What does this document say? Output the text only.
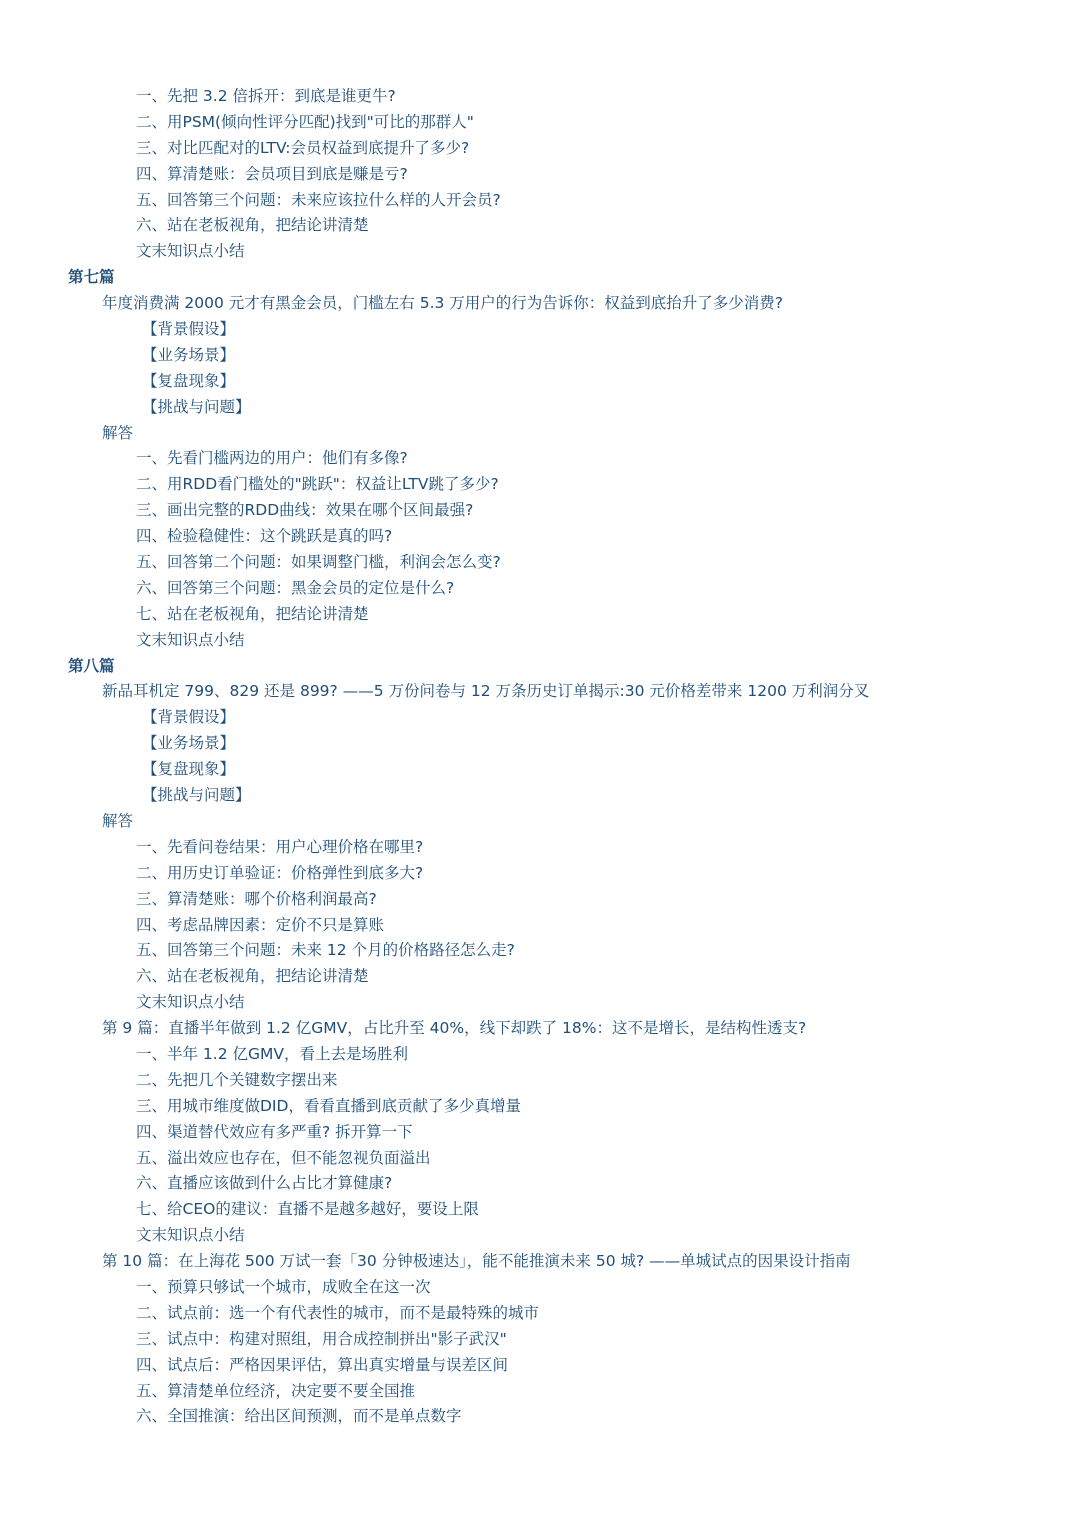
一、先把 3.2 倍拆开：到底是谁更牛?
二、用PSM(倾向性评分匹配)找到"可比的那群人"
三、对比匹配对的LTV:会员权益到底提升了多少?
四、算清楚账：会员项目到底是赚是亏?
五、回答第三个问题：未来应该拉什么样的人开会员?
六、站在老板视角，把结论讲清楚
文末知识点小结
第七篇
年度消费满 2000 元才有黑金会员，门槛左右 5.3 万用户的行为告诉你：权益到底抬升了多少消费?
【背景假设】
【业务场景】
【复盘现象】
【挑战与问题】
解答
一、先看门槛两边的用户：他们有多像?
二、用RDD看门槛处的"跳跃"：权益让LTV跳了多少?
三、画出完整的RDD曲线：效果在哪个区间最强?
四、检验稳健性：这个跳跃是真的吗?
五、回答第二个问题：如果调整门槛，利润会怎么变?
六、回答第三个问题：黑金会员的定位是什么?
七、站在老板视角，把结论讲清楚
文末知识点小结
第八篇
新品耳机定 799、829 还是 899? ——5 万份问卷与 12 万条历史订单揭示:30 元价格差带来 1200 万利润分叉
【背景假设】
【业务场景】
【复盘现象】
【挑战与问题】
解答
一、先看问卷结果：用户心理价格在哪里?
二、用历史订单验证：价格弹性到底多大?
三、算清楚账：哪个价格利润最高?
四、考虑品牌因素：定价不只是算账
五、回答第三个问题：未来 12 个月的价格路径怎么走?
六、站在老板视角，把结论讲清楚
文末知识点小结
第 9 篇：直播半年做到 1.2 亿GMV，占比升至 40%，线下却跌了 18%：这不是增长，是结构性透支?
一、半年 1.2 亿GMV，看上去是场胜利
二、先把几个关键数字摆出来
三、用城市维度做DID，看看直播到底贡献了多少真增量
四、渠道替代效应有多严重? 拆开算一下
五、溢出效应也存在，但不能忽视负面溢出
六、直播应该做到什么占比才算健康?
七、给CEO的建议：直播不是越多越好，要设上限
文末知识点小结
第 10 篇：在上海花 500 万试一套「30 分钟极速达」，能不能推演未来 50 城? ——单城试点的因果设计指南
一、预算只够试一个城市，成败全在这一次
二、试点前：选一个有代表性的城市，而不是最特殊的城市
三、试点中：构建对照组，用合成控制拼出"影子武汉"
四、试点后：严格因果评估，算出真实增量与误差区间
五、算清楚单位经济，决定要不要全国推
六、全国推演：给出区间预测，而不是单点数字
